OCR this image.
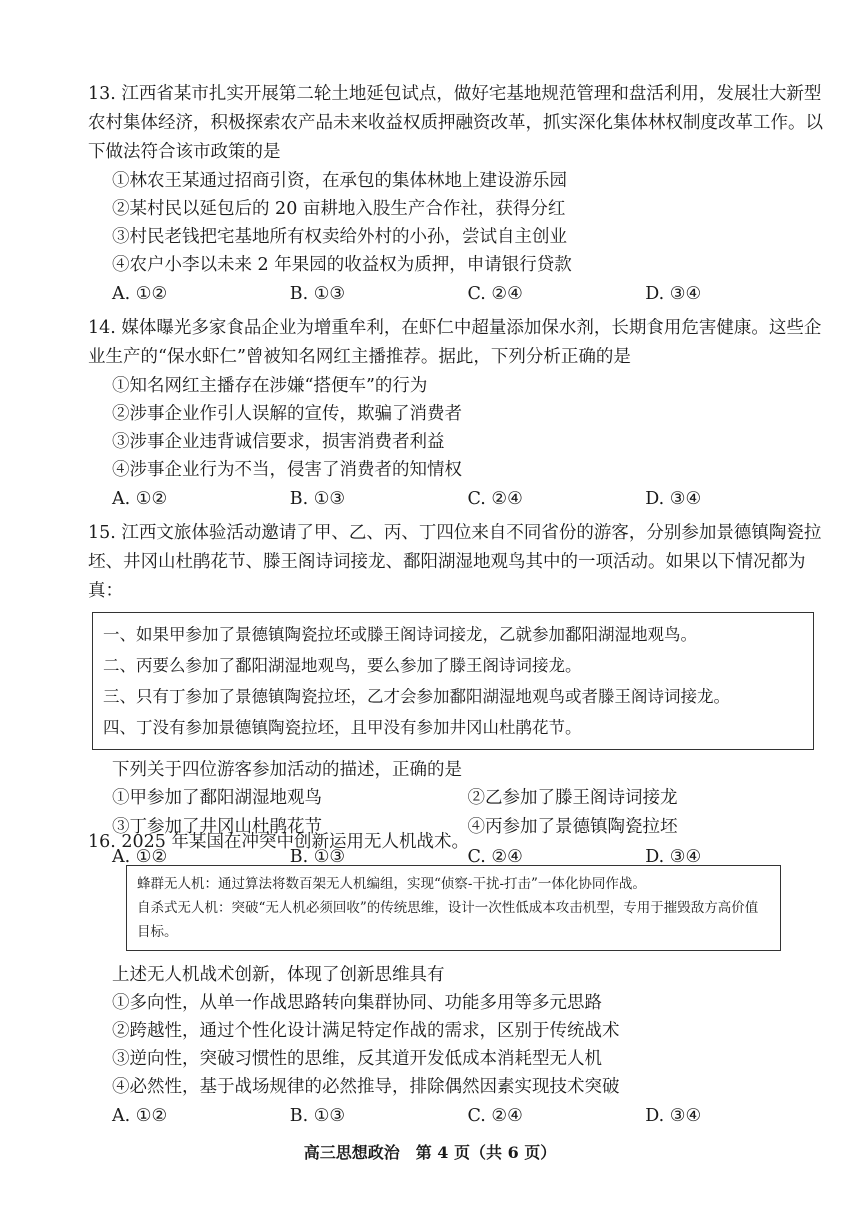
13. 江西省某市扎实开展第二轮土地延包试点，做好宅基地规范管理和盘活利用，发展壮大新型农村集体经济，积极探索农产品未来收益权质押融资改革，抓实深化集体林权制度改革工作。以下做法符合该市政策的是

①林农王某通过招商引资，在承包的集体林地上建设游乐园

②某村民以延包后的 20 亩耕地入股生产合作社，获得分红

③村民老钱把宅基地所有权卖给外村的小孙，尝试自主创业

④农户小李以未来 2 年果园的收益权为质押，申请银行贷款

A. ①②	B. ①③	C. ②④	D. ③④

14. 媒体曝光多家食品企业为增重牟利，在虾仁中超量添加保水剂，长期食用危害健康。这些企业生产的“保水虾仁”曾被知名网红主播推荐。据此，下列分析正确的是

①知名网红主播存在涉嫌“搭便车”的行为

②涉事企业作引人误解的宣传，欺骗了消费者

③涉事企业违背诚信要求，损害消费者利益

④涉事企业行为不当，侵害了消费者的知情权

A. ①②	B. ①③	C. ②④	D. ③④

15. 江西文旅体验活动邀请了甲、乙、丙、丁四位来自不同省份的游客，分别参加景德镇陶瓷拉坯、井冈山杜鹃花节、滕王阁诗词接龙、鄱阳湖湿地观鸟其中的一项活动。如果以下情况都为真：

一、如果甲参加了景德镇陶瓷拉坯或滕王阁诗词接龙，乙就参加鄱阳湖湿地观鸟。
二、丙要么参加了鄱阳湖湿地观鸟，要么参加了滕王阁诗词接龙。
三、只有丁参加了景德镇陶瓷拉坯，乙才会参加鄱阳湖湿地观鸟或者滕王阁诗词接龙。
四、丁没有参加景德镇陶瓷拉坯，且甲没有参加井冈山杜鹃花节。

下列关于四位游客参加活动的描述，正确的是

①甲参加了鄱阳湖湿地观鸟	②乙参加了滕王阁诗词接龙
③丁参加了井冈山杜鹃花节	④丙参加了景德镇陶瓷拉坯
A. ①②	B. ①③	C. ②④	D. ③④

16. 2025 年某国在冲突中创新运用无人机战术。

蜂群无人机：通过算法将数百架无人机编组，实现“侦察-干扰-打击”一体化协同作战。
自杀式无人机：突破“无人机必须回收”的传统思维，设计一次性低成本攻击机型，专用于摧毁敌方高价值目标。

上述无人机战术创新，体现了创新思维具有

①多向性，从单一作战思路转向集群协同、功能多用等多元思路

②跨越性，通过个性化设计满足特定作战的需求，区别于传统战术

③逆向性，突破习惯性的思维，反其道开发低成本消耗型无人机

④必然性，基于战场规律的必然推导，排除偶然因素实现技术突破

A. ①②	B. ①③	C. ②④	D. ③④
高三思想政治　第 4 页（共 6 页）
